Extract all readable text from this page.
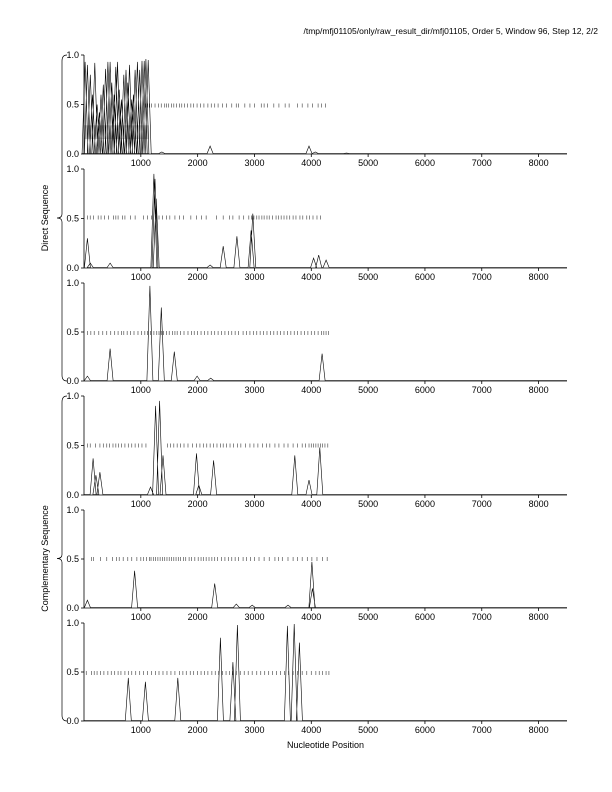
/tmp/mfj01105/only/raw_result_dir/mfj01105, Order 5, Window 96, Step 12, 2/2
0.0
0.5
1.0
1000	2000	3000	4000	5000	6000	7000	8000
0.0
0.5
1.0
1000	2000	3000	4000	5000	6000	7000	8000
0.0
0.5
1.0
1000	2000	3000	4000	5000	6000	7000	8000
0.0
0.5
1.0
1000	2000	3000	4000	5000	6000	7000	8000
0.0
0.5
1.0
1000	2000	3000	4000	5000	6000	7000	8000
0.0
0.5
1.0
1000	2000	3000	4000	5000	6000	7000	8000
Direct Sequence
Complementary Sequence
Nucleotide Position
